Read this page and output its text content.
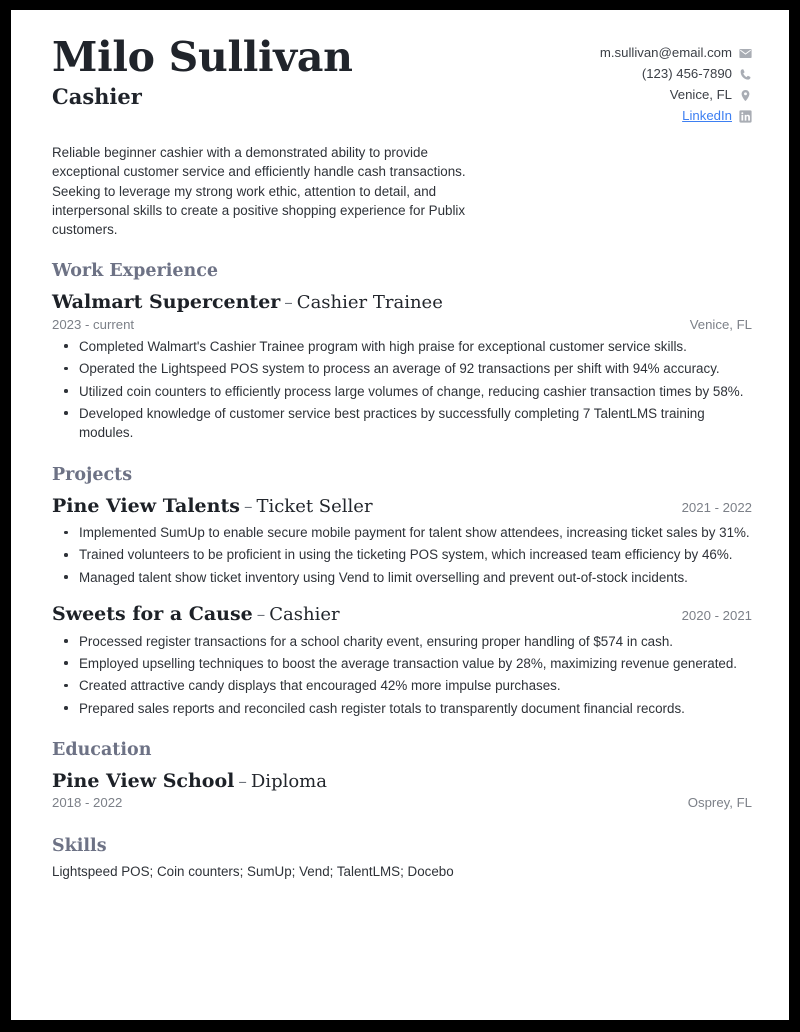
Milo Sullivan
Cashier
m.sullivan@email.com
(123) 456-7890
Venice, FL
LinkedIn

Reliable beginner cashier with a demonstrated ability to provide exceptional customer service and efficiently handle cash transactions. Seeking to leverage my strong work ethic, attention to detail, and interpersonal skills to create a positive shopping experience for Publix customers.

Work Experience
Walmart Supercenter – Cashier Trainee
2023 - current	Venice, FL
Completed Walmart's Cashier Trainee program with high praise for exceptional customer service skills.
Operated the Lightspeed POS system to process an average of 92 transactions per shift with 94% accuracy.
Utilized coin counters to efficiently process large volumes of change, reducing cashier transaction times by 58%.
Developed knowledge of customer service best practices by successfully completing 7 TalentLMS training modules.
Projects
Pine View Talents – Ticket Seller	2021 - 2022
Implemented SumUp to enable secure mobile payment for talent show attendees, increasing ticket sales by 31%.
Trained volunteers to be proficient in using the ticketing POS system, which increased team efficiency by 46%.
Managed talent show ticket inventory using Vend to limit overselling and prevent out-of-stock incidents.
Sweets for a Cause – Cashier	2020 - 2021
Processed register transactions for a school charity event, ensuring proper handling of $574 in cash.
Employed upselling techniques to boost the average transaction value by 28%, maximizing revenue generated.
Created attractive candy displays that encouraged 42% more impulse purchases.
Prepared sales reports and reconciled cash register totals to transparently document financial records.
Education
Pine View School – Diploma
2018 - 2022	Osprey, FL
Skills
Lightspeed POS; Coin counters; SumUp; Vend; TalentLMS; Docebo
